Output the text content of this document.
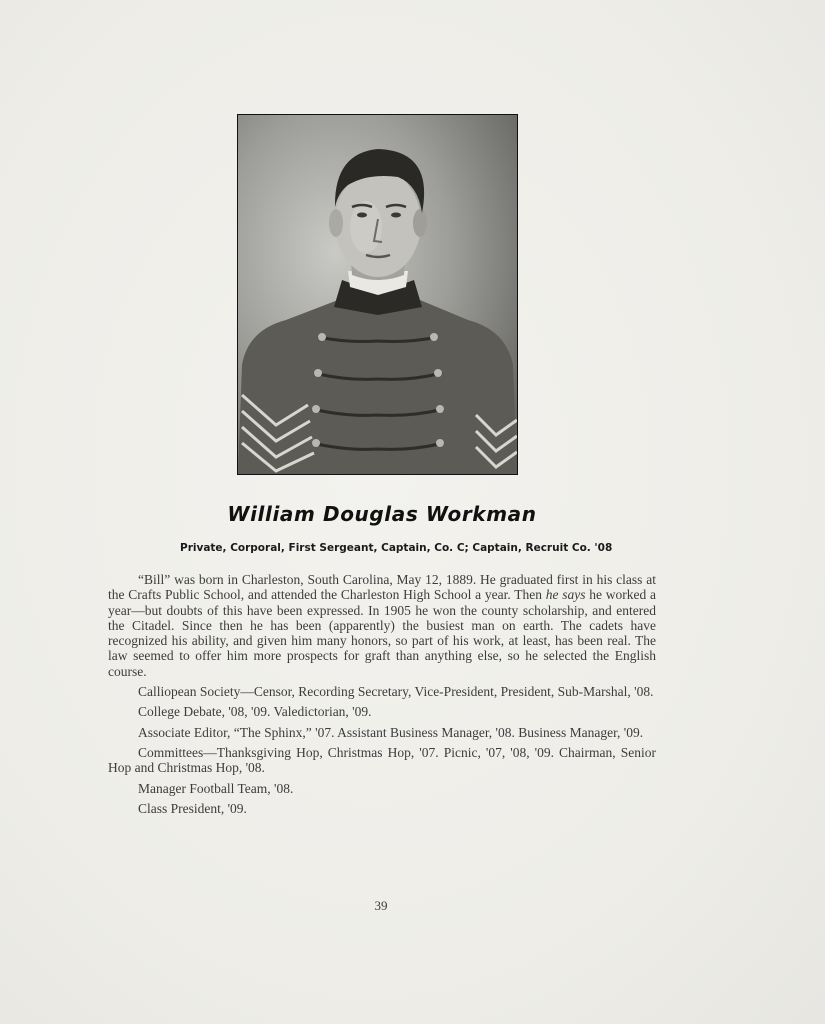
William Douglas Workman
Private, Corporal, First Sergeant, Captain, Co. C; Captain, Recruit Co. '08

“Bill” was born in Charleston, South Carolina, May 12, 1889. He graduated first in his class at the Crafts Public School, and attended the Charleston High School a year. Then he says he worked a year—but doubts of this have been expressed. In 1905 he won the county scholarship, and entered the Citadel. Since then he has been (apparently) the busiest man on earth. The cadets have recognized his ability, and given him many honors, so part of his work, at least, has been real. The law seemed to offer him more prospects for graft than anything else, so he selected the English course.

Calliopean Society—Censor, Recording Secretary, Vice-President, President, Sub-Marshal, '08.

College Debate, '08, '09. Valedictorian, '09.

Associate Editor, “The Sphinx,” '07. Assistant Business Manager, '08. Business Manager, '09.

Committees—Thanksgiving Hop, Christmas Hop, '07. Picnic, '07, '08, '09. Chairman, Senior Hop and Christmas Hop, '08.

Manager Football Team, '08.

Class President, '09.

39
